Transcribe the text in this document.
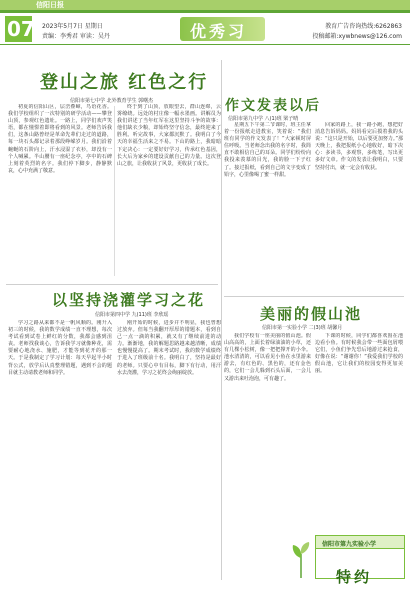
信阳日报
07 2023年5月7日 星期日
责编：李秀君 审读：吴丹	优秀习作
教育广告咨询热线:6262863
投稿邮箱:xywbnews@126.com
登山之旅 红色之行
信阳市第七中学 北外教育学生 郭曙杰

初夏的信阳山区，层峦叠嶂，鸟语花香。我们学校组织了一次特别的研学活动——攀登山顶，参观红色遗址。一路上，同学们欢声笑语，都在憧憬着即将看到的风景。老师告诉我们，这条山路曾经是革命先辈们走过的道路，每一块石头都记录着那段峥嵘岁月。我们沿着蜿蜒的石阶向上，汗水浸湿了衣衫，却没有一个人喊累。半山腰有一座纪念亭，亭中的石碑上刻着英烈的名字。我们停下脚步，静静默哀，心中充满了敬意。

终于到了山顶，放眼望去，群山连绵，云雾缭绕。远处的村庄像一幅水墨画。讲解员为我们讲述了当年红军在这里坚持斗争的故事：他们缺衣少粮，却始终坚守信念，最终迎来了胜利。听完故事，大家都沉默了。我明白了今天的幸福生活来之不易。下山的路上，我暗暗下定决心：一定要好好学习，传承红色基因，长大后为家乡的建设贡献自己的力量。这次登山之旅，让我收获了风景，更收获了成长。

作文发表以后
信阳市第九中学 八(1)班 梁子晴

星期五下午第二节课时，班主任拿着一份报纸走进教室，笑着说：“我们班有同学的作文发表了！”大家顿时屏住呼吸。当老师念出我的名字时，我简直不敢相信自己的耳朵。同学们纷纷向我投来羡慕的目光，我的脸一下子红了。接过报纸，看到自己的文字变成了铅字，心里像喝了蜜一样甜。

回家的路上，我一路小跑，想把好消息告诉妈妈。妈妈看完后摸着我的头说：“这只是开始，以后要更加努力。”那天晚上，我把报纸小心地收好，暗下决心：多读书，多观察，多练笔，写出更多好文章。作文的发表让我明白，只要坚持付出，就一定会有收获。

以坚持浇灌学习之花
信阳市第四中学 九(11)班 李欣瑶

学习之路从来都不是一帆风顺的。刚升入初三的时候，我的数学成绩一直不理想，每次考试看到试卷上鲜红的分数，我都会感到沮丧。老师找我谈心，告诉我学习就像种花，需要耐心地浇水、施肥，才能等到花开的那一天。于是我制定了学习计划：每天早起半小时背公式，放学后认真整理错题，遇到不会的题目就主动请教老师和同学。

刚开始的时候，进步并不明显，我也曾想过放弃。但每当我翻开厚厚的错题本，看到自己一点一滴的积累，就又有了继续前进的动力。渐渐地，我的解题思路越来越清晰，成绩也慢慢提高了。期末考试时，我的数学成绩终于进入了班级前十名。我明白了，坚持是最好的老师。只要心中有目标，脚下有行动，用汗水去浇灌，学习之花终会绚丽绽放。

美丽的假山池
信阳市第一实验小学 二(3)班 胡馨月

我们学校有一座美丽的假山池。假山高高的，上面长着绿油油的小草，还有几棵小松树，像一把把撑开的小伞。池水清清的，可以看见小鱼在水里游来游去，有红色的、黑色的，还有金色的，它们一会儿躲到石头后面，一会儿又游出来吐泡泡，可有趣了。

下课的时候，同学们都喜欢围在池边看小鱼。有时候我会带一些面包屑喂它们，小鱼们争先恐后地游过来抢食，好像在说：“谢谢你！”我爱我们学校的假山池，它让我们的校园变得更加美丽。

信阳市第九实验小学
特约
